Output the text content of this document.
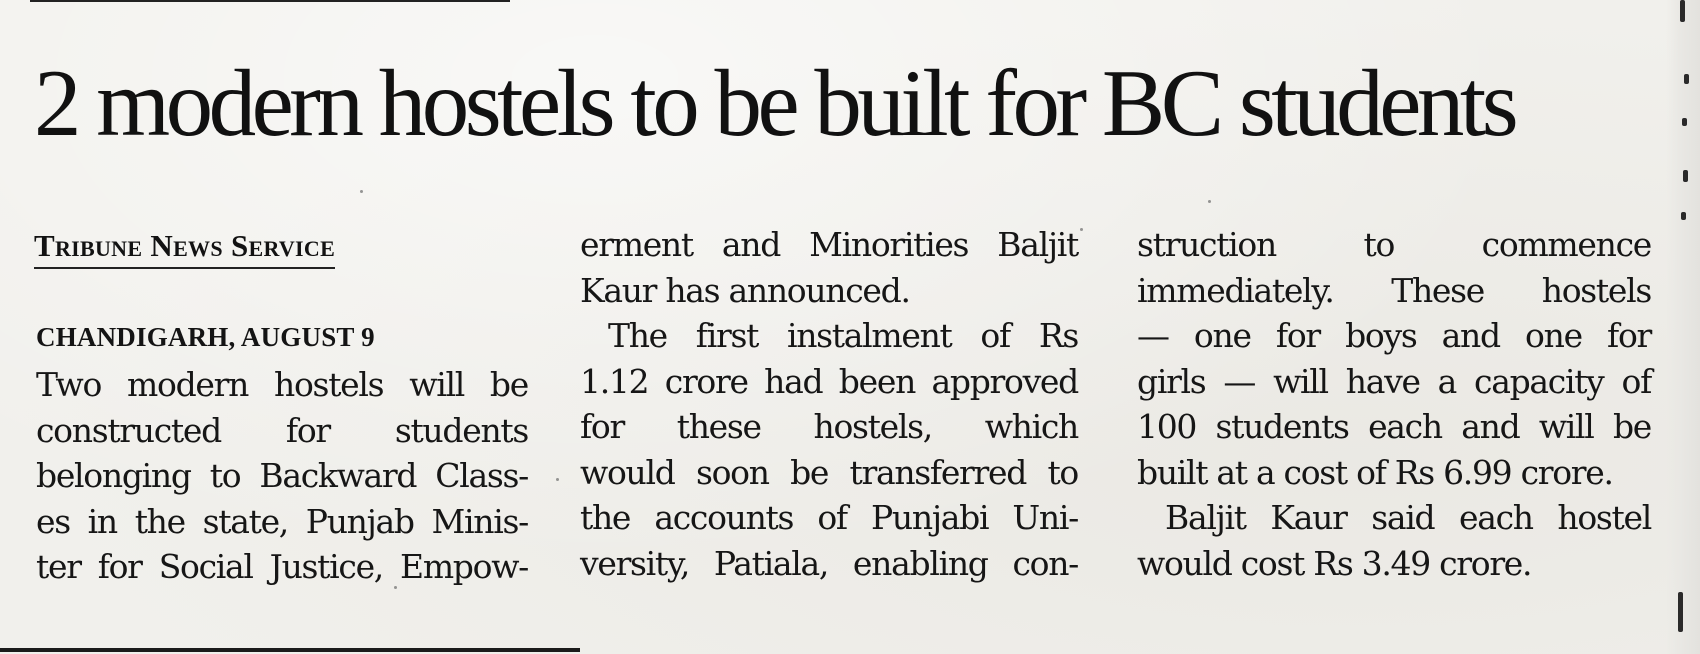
2 modern hostels to be built for BC students
Tribune News Service
CHANDIGARH, AUGUST 9
Two modern hostels will be
constructed for students
belonging to Backward Class-
es in the state, Punjab Minis-
ter for Social Justice, Empow-
erment and Minorities Baljit
Kaur has announced.
The first instalment of Rs
1.12 crore had been approved
for these hostels, which
would soon be transferred to
the accounts of Punjabi Uni-
versity, Patiala, enabling con-
struction to commence
immediately. These hostels
— one for boys and one for
girls — will have a capacity of
100 students each and will be
built at a cost of Rs 6.99 crore.
Baljit Kaur said each hostel
would cost Rs 3.49 crore.
